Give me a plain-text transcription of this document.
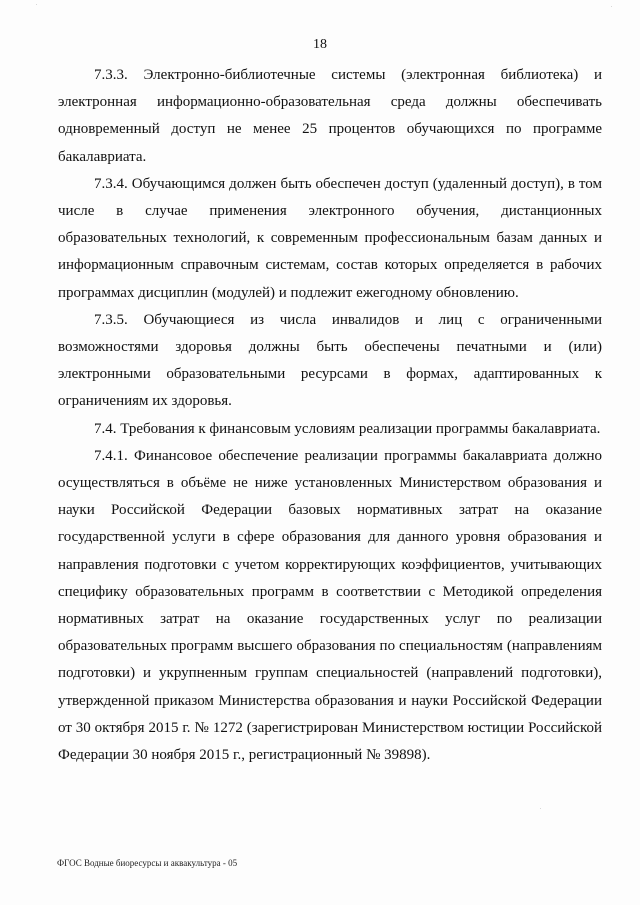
18

7.3.3. Электронно-библиотечные системы (электронная библиотека) и электронная информационно-образовательная среда должны обеспечивать одновременный доступ не менее 25 процентов обучающихся по программе бакалавриата.

7.3.4. Обучающимся должен быть обеспечен доступ (удаленный доступ), в том числе в случае применения электронного обучения, дистанционных образовательных технологий, к современным профессиональным базам данных и информационным справочным системам, состав которых определяется в рабочих программах дисциплин (модулей) и подлежит ежегодному обновлению.

7.3.5. Обучающиеся из числа инвалидов и лиц с ограниченными возможностями здоровья должны быть обеспечены печатными и (или) электронными образовательными ресурсами в формах, адаптированных к ограничениям их здоровья.

7.4. Требования к финансовым условиям реализации программы бакалавриата.

7.4.1. Финансовое обеспечение реализации программы бакалавриата должно осуществляться в объёме не ниже установленных Министерством образования и науки Российской Федерации базовых нормативных затрат на оказание государственной услуги в сфере образования для данного уровня образования и направления подготовки с учетом корректирующих коэффициентов, учитывающих специфику образовательных программ в соответствии с Методикой определения нормативных затрат на оказание государственных услуг по реализации образовательных программ высшего образования по специальностям (направлениям подготовки) и укрупненным группам специальностей (направлений подготовки), утвержденной приказом Министерства образования и науки Российской Федерации от 30 октября 2015 г. № 1272 (зарегистрирован Министерством юстиции Российской Федерации 30 ноября 2015 г., регистрационный № 39898).

ФГОС Водные биоресурсы и аквакультура - 05
